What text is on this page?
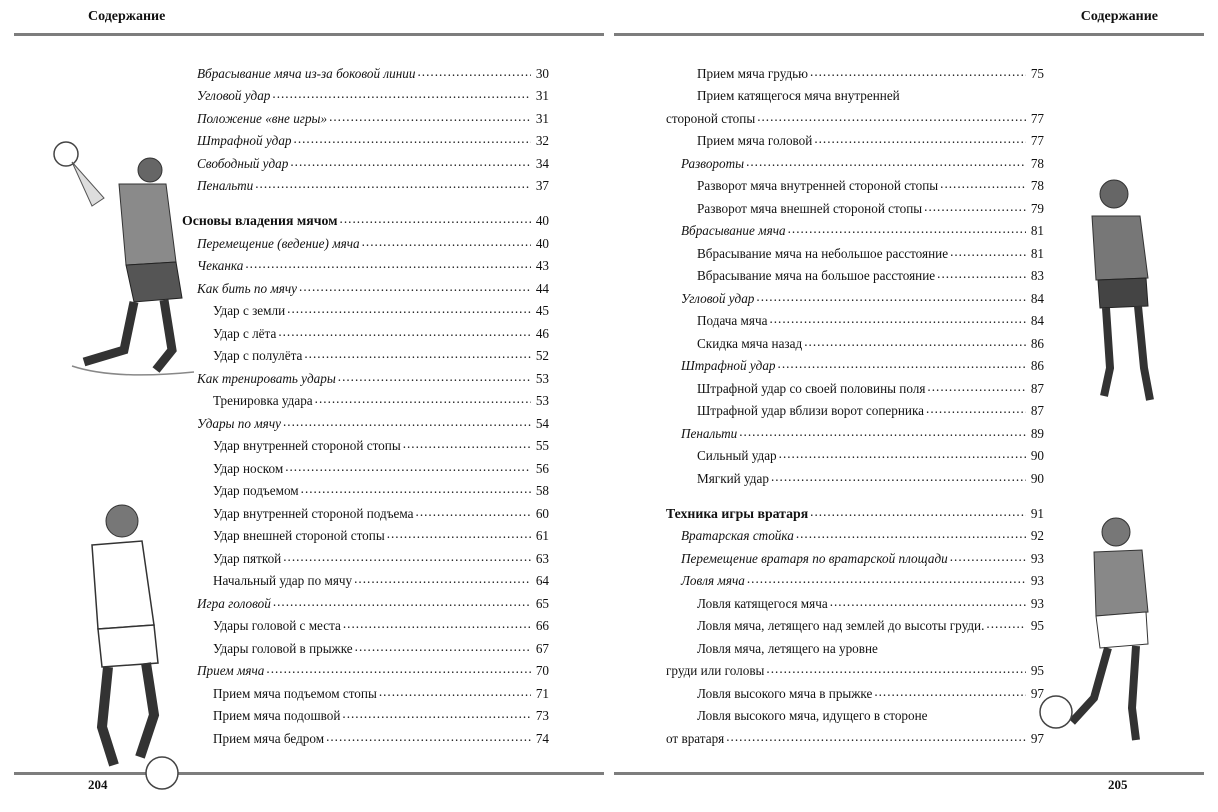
Содержание
Вбрасывание мяча из-за боковой линии .....	30
Угловой удар .....	31
Положение «вне игры» .....	31
Штрафной удар .....	32
Свободный удар .....	34
Пенальти .....	37
Основы владения мячом .....	40
Перемещение (ведение) мяча .....	40
Чеканка .....	43
Как бить по мячу .....	44
Удар с земли .....	45
Удар с лёта .....	46
Удар с полулёта .....	52
Как тренировать удары .....	53
Тренировка удара .....	53
Удары по мячу .....	54
Удар внутренней стороной стопы .....	55
Удар носком .....	56
Удар подъемом .....	58
Удар внутренней стороной подъема .....	60
Удар внешней стороной стопы .....	61
Удар пяткой .....	63
Начальный удар по мячу .....	64
Игра головой .....	65
Удары головой с места .....	66
Удары головой в прыжке .....	67
Прием мяча .....	70
Прием мяча подъемом стопы .....	71
Прием мяча подошвой .....	73
Прием мяча бедром .....	74
204
Содержание
Прием мяча грудью .....	75
Прием катящегося мяча внутренней
стороной стопы .....	77
Прием мяча головой .....	77
Развороты .....	78
Разворот мяча внутренней стороной стопы .....	78
Разворот мяча внешней стороной стопы .....	79
Вбрасывание мяча .....	81
Вбрасывание мяча на небольшое расстояние .....	81
Вбрасывание мяча на большое расстояние .....	83
Угловой удар .....	84
Подача мяча .....	84
Скидка мяча назад .....	86
Штрафной удар .....	86
Штрафной удар со своей половины поля .....	87
Штрафной удар вблизи ворот соперника .....	87
Пенальти .....	89
Сильный удар .....	90
Мягкий удар .....	90
Техника игры вратаря .....	91
Вратарская стойка .....	92
Перемещение вратаря по вратарской площади .....	93
Ловля мяча .....	93
Ловля катящегося мяча .....	93
Ловля мяча, летящего над землей до высоты груди. .....	95
Ловля мяча, летящего на уровне
груди или головы .....	95
Ловля высокого мяча в прыжке .....	97
Ловля высокого мяча, идущего в стороне
от вратаря .....	97
205
